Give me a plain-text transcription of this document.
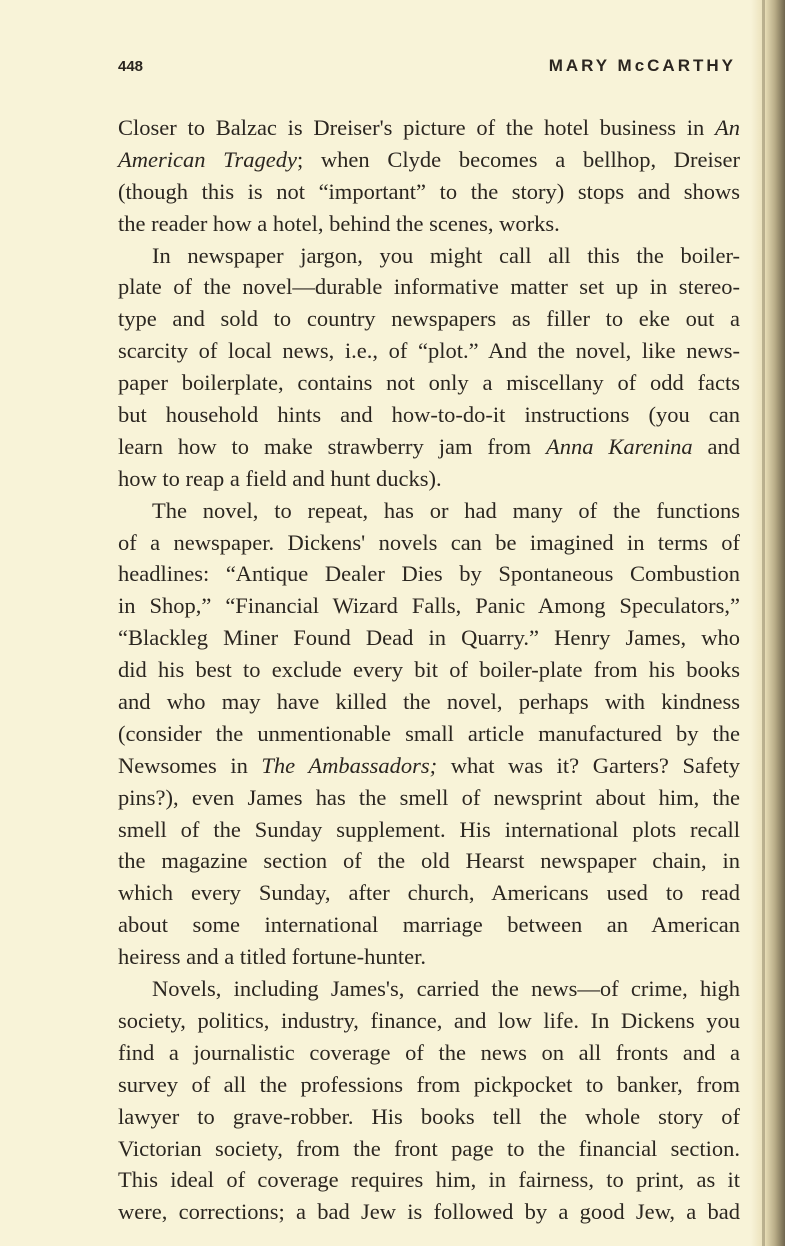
448	MARY McCARTHY
Closer to Balzac is Dreiser's picture of the hotel business in An
American Tragedy; when Clyde becomes a bellhop, Dreiser
(though this is not “important” to the story) stops and shows
the reader how a hotel, behind the scenes, works.
In newspaper jargon, you might call all this the boiler-
plate of the novel—durable informative matter set up in stereo-
type and sold to country newspapers as filler to eke out a
scarcity of local news, i.e., of “plot.” And the novel, like news-
paper boilerplate, contains not only a miscellany of odd facts
but household hints and how-to-do-it instructions (you can
learn how to make strawberry jam from Anna Karenina and
how to reap a field and hunt ducks).
The novel, to repeat, has or had many of the functions
of a newspaper. Dickens' novels can be imagined in terms of
headlines: “Antique Dealer Dies by Spontaneous Combustion
in Shop,” “Financial Wizard Falls, Panic Among Speculators,”
“Blackleg Miner Found Dead in Quarry.” Henry James, who
did his best to exclude every bit of boiler-plate from his books
and who may have killed the novel, perhaps with kindness
(consider the unmentionable small article manufactured by the
Newsomes in The Ambassadors; what was it? Garters? Safety
pins?), even James has the smell of newsprint about him, the
smell of the Sunday supplement. His international plots recall
the magazine section of the old Hearst newspaper chain, in
which every Sunday, after church, Americans used to read
about some international marriage between an American
heiress and a titled fortune-hunter.
Novels, including James's, carried the news—of crime, high
society, politics, industry, finance, and low life. In Dickens you
find a journalistic coverage of the news on all fronts and a
survey of all the professions from pickpocket to banker, from
lawyer to grave-robber. His books tell the whole story of
Victorian society, from the front page to the financial section.
This ideal of coverage requires him, in fairness, to print, as it
were, corrections; a bad Jew is followed by a good Jew, a bad
